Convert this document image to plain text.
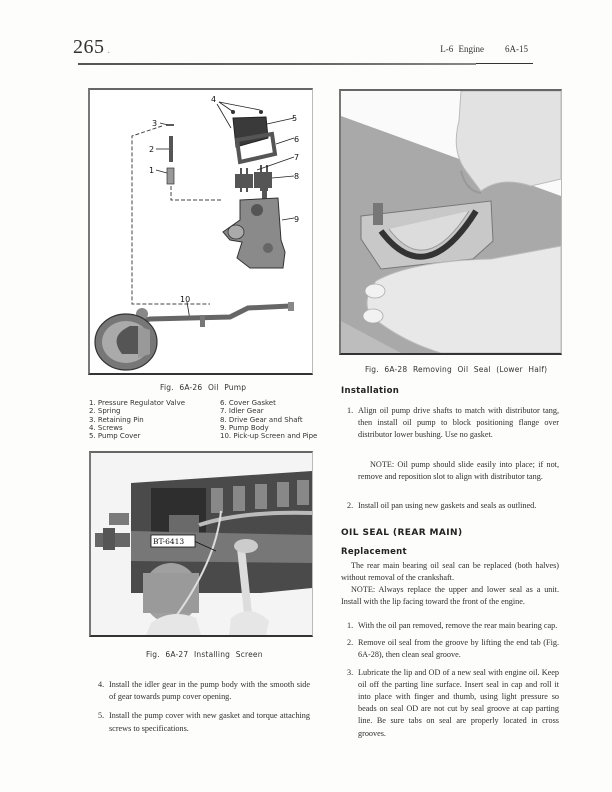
265 .	L-6 Engine 6A-15
4
5
3
6
2
7
1
8
9
10
Fig. 6A-26 Oil Pump
1. Pressure Regulator Valve
2. Spring
3. Retaining Pin
4. Screws
5. Pump Cover
6. Cover Gasket
7. Idler Gear
8. Drive Gear and Shaft
9. Pump Body
10. Pick-up Screen and Pipe
BT-6413
Fig. 6A-27 Installing Screen
4. Install the idler gear in the pump body with the smooth side of gear towards pump cover opening.
5. Install the pump cover with new gasket and torque attaching screws to specifications.
Fig. 6A-28 Removing Oil Seal (Lower Half)
Installation
1. Align oil pump drive shafts to match with distributor tang, then install oil pump to block positioning flange over distributor lower bushing. Use no gasket.
NOTE: Oil pump should slide easily into place; if not, remove and reposition slot to align with distributor tang.
2. Install oil pan using new gaskets and seals as outlined.
OIL SEAL (REAR MAIN)
Replacement
The rear main bearing oil seal can be replaced (both halves) without removal of the crankshaft.
NOTE: Always replace the upper and lower seal as a unit. Install with the lip facing toward the front of the engine.
1. With the oil pan removed, remove the rear main bearing cap.
2. Remove oil seal from the groove by lifting the end tab (Fig. 6A-28), then clean seal groove.
3. Lubricate the lip and OD of a new seal with engine oil. Keep oil off the parting line surface. Insert seal in cap and roll it into place with finger and thumb, using light pressure so beads on seal OD are not cut by seal groove at cap parting line. Be sure tabs on seal are properly located in cross grooves.
